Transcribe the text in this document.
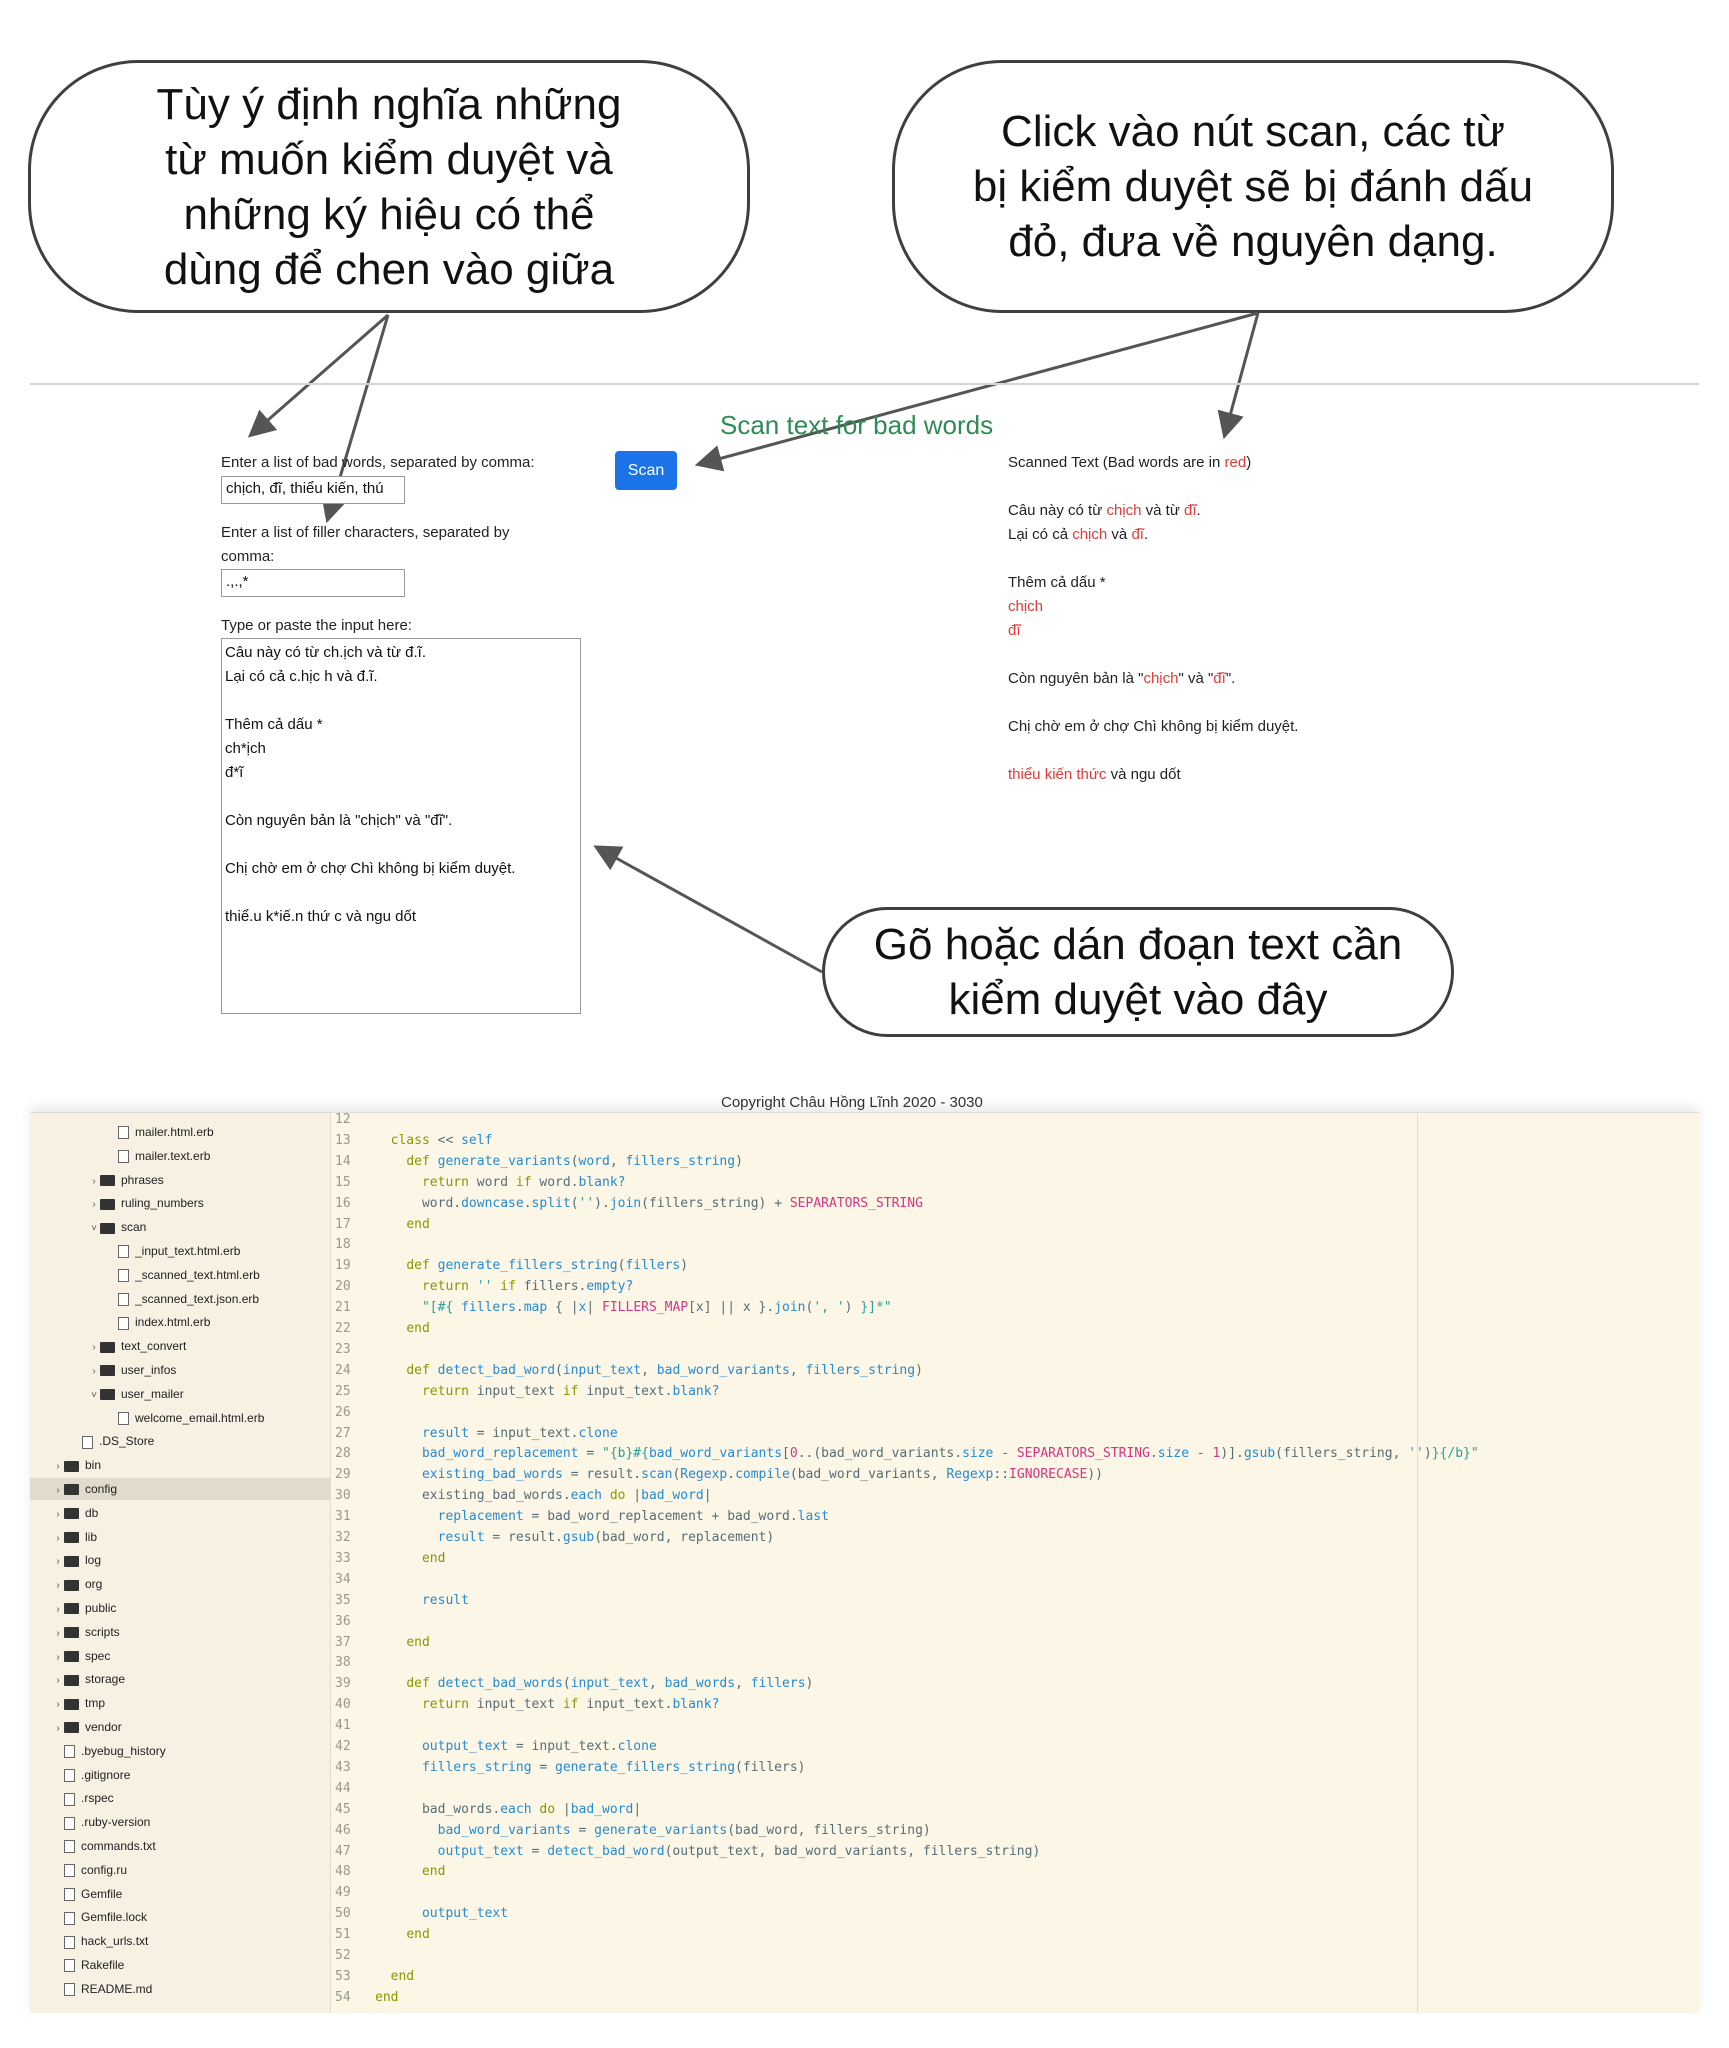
Tùy ý định nghĩa những
từ muốn kiểm duyệt và
những ký hiệu có thể
dùng để chen vào giữa
Click vào nút scan, các từ
bị kiểm duyệt sẽ bị đánh dấu
đỏ, đưa về nguyên dạng.
Gõ hoặc dán đoạn text cần
kiểm duyệt vào đây
Scan text for bad words
Enter a list of bad words, separated by comma:
chịch, đĩ, thiểu kiến, thú
Enter a list of filler characters, separated by comma:
.,.,*
Type or paste the input here:
Câu này có từ ch.ịch và từ đ.ĩ.
Lại có cả c.hịc h và đ.ĩ.

Thêm cả dấu *
ch*ịch
đ*ĩ

Còn nguyên bản là "chịch" và "đĩ".

Chị chờ em ở chợ Chì không bị kiểm duyệt.

thiể.u k*iế.n thứ c và ngu dốt
Scan	Scanned Text (Bad words are in red)
Câu này có từ chịch và từ đĩ.
Lại có cả chịch và đĩ.
Thêm cả dấu *
chịch
đĩ
Còn nguyên bản là "chịch" và "đĩ".
Chị chờ em ở chợ Chì không bị kiểm duyệt.
thiểu kiến thức và ngu dốt
Copyright Châu Hồng Lĩnh 2020 - 3030
mailer.html.erb
mailer.text.erb
› phrases
› ruling_numbers
˅ scan
_input_text.html.erb
_scanned_text.html.erb
_scanned_text.json.erb
index.html.erb
› text_convert
› user_infos
˅ user_mailer
welcome_email.html.erb
.DS_Store
› bin
› config
› db
› lib
› log
› org
› public
› scripts
› spec
› storage
› tmp
› vendor
.byebug_history
.gitignore
.rspec
.ruby-version
commands.txt
config.ru
Gemfile
Gemfile.lock
hack_urls.txt
Rakefile
README.md
12
13
14
15
16
17
18
19
20
21
22
23
24
25
26
27
28
29
30
31
32
33
34
35
36
37
38
39
40
41
42
43
44
45
46
47
48
49
50
51
52
53
54
class << self
def generate_variants(word, fillers_string)
return word if word.blank?
word.downcase.split('').join(fillers_string) + SEPARATORS_STRING
end
def generate_fillers_string(fillers)
return '' if fillers.empty?
"[#{ fillers.map { |x| FILLERS_MAP[x] || x }.join(', ') }]*"
end
def detect_bad_word(input_text, bad_word_variants, fillers_string)
return input_text if input_text.blank?
result = input_text.clone
bad_word_replacement = "{b}#{bad_word_variants[0..(bad_word_variants.size - SEPARATORS_STRING.size - 1)].gsub(fillers_string, '')}{/b}"
existing_bad_words = result.scan(Regexp.compile(bad_word_variants, Regexp::IGNORECASE))
existing_bad_words.each do |bad_word|
replacement = bad_word_replacement + bad_word.last
result = result.gsub(bad_word, replacement)
end
result
end
def detect_bad_words(input_text, bad_words, fillers)
return input_text if input_text.blank?
output_text = input_text.clone
fillers_string = generate_fillers_string(fillers)
bad_words.each do |bad_word|
bad_word_variants = generate_variants(bad_word, fillers_string)
output_text = detect_bad_word(output_text, bad_word_variants, fillers_string)
end
output_text
end
end
end
